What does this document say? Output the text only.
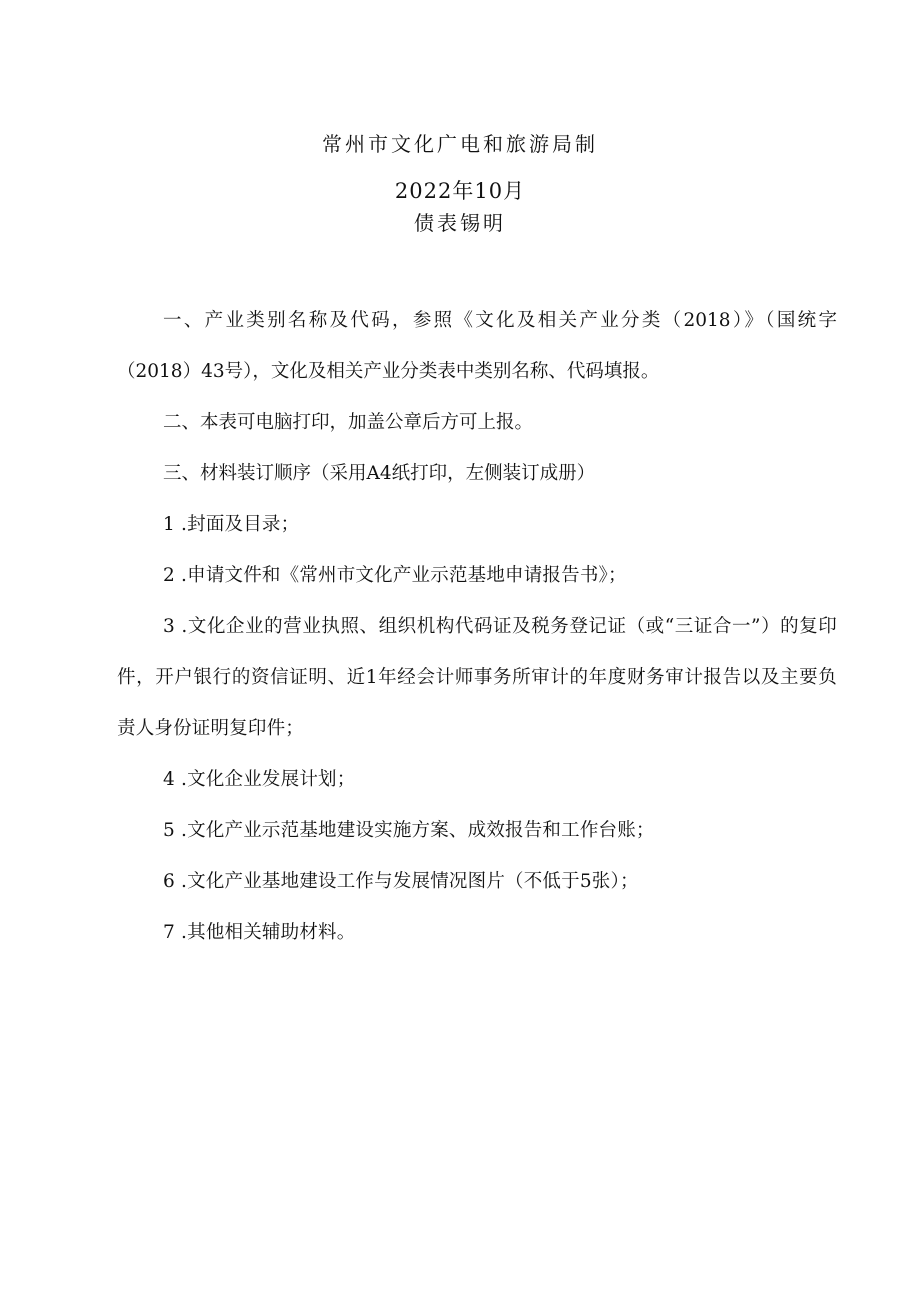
常州市文化广电和旅游局制
2022年10月
债表锡明

一、产业类别名称及代码，参照《文化及相关产业分类（2018）》（国统字（2018）43号），文化及相关产业分类表中类别名称、代码填报。

二、本表可电脑打印，加盖公章后方可上报。

三、材料装订顺序（采用A4纸打印，左侧装订成册）

1 .封面及目录；

2 .申请文件和《常州市文化产业示范基地申请报告书》；

3 .文化企业的营业执照、组织机构代码证及税务登记证（或“三证合一”）的复印件，开户银行的资信证明、近1年经会计师事务所审计的年度财务审计报告以及主要负责人身份证明复印件；

4 .文化企业发展计划；

5 .文化产业示范基地建设实施方案、成效报告和工作台账；

6 .文化产业基地建设工作与发展情况图片（不低于5张）；

7 .其他相关辅助材料。
